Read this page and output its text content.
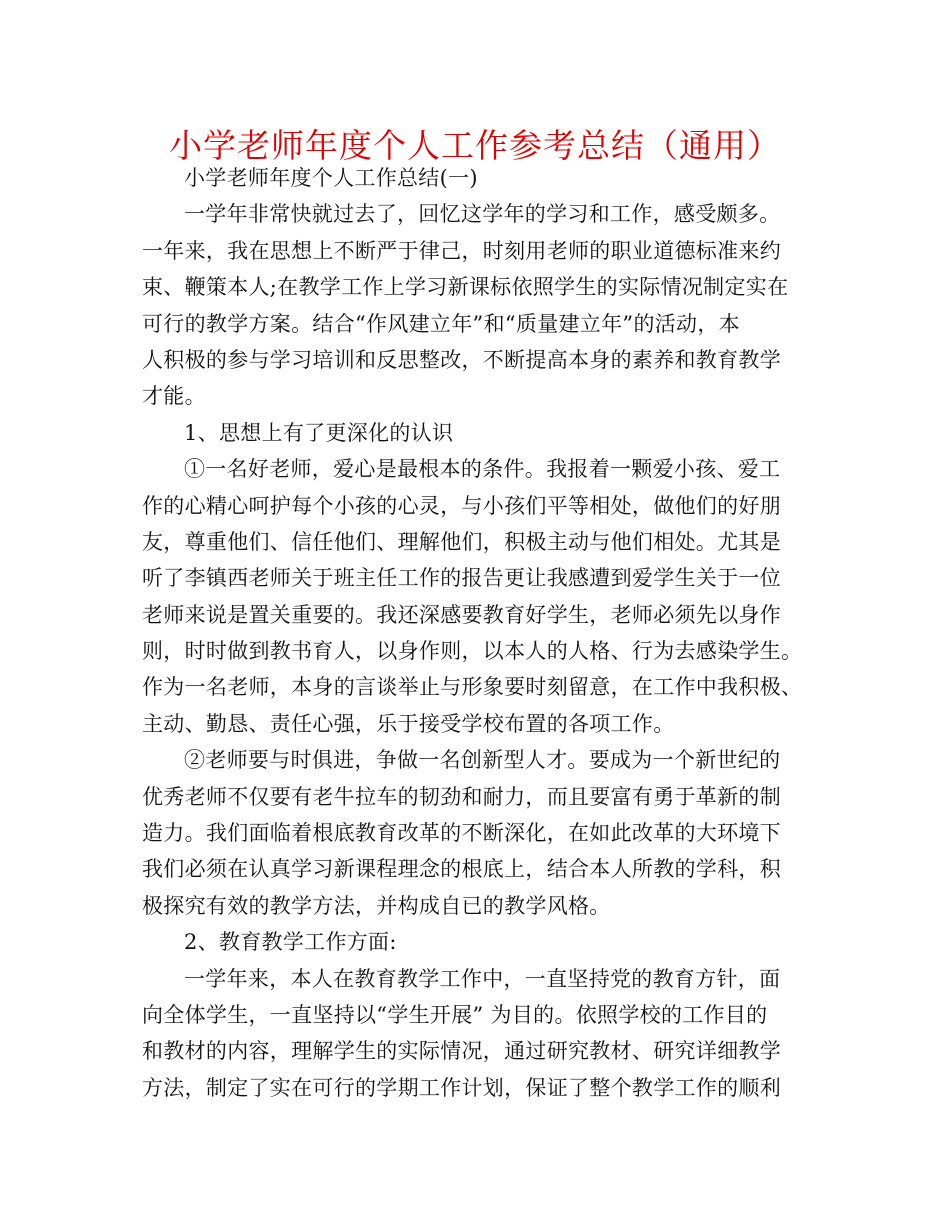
小学老师年度个人工作参考总结（通用）
小学老师年度个人工作总结(一)
一学年非常快就过去了，回忆这学年的学习和工作，感受颇多。
一年来，我在思想上不断严于律己，时刻用老师的职业道德标准来约
束、鞭策本人;在教学工作上学习新课标依照学生的实际情况制定实在
可行的教学方案。结合“作风建立年”和“质量建立年”的活动，本
人积极的参与学习培训和反思整改，不断提高本身的素养和教育教学
才能。
1、思想上有了更深化的认识
①一名好老师，爱心是最根本的条件。我报着一颗爱小孩、爱工
作的心精心呵护每个小孩的心灵，与小孩们平等相处，做他们的好朋
友，尊重他们、信任他们、理解他们，积极主动与他们相处。尤其是
听了李镇西老师关于班主任工作的报告更让我感遭到爱学生关于一位
老师来说是置关重要的。我还深感要教育好学生，老师必须先以身作
则，时时做到教书育人，以身作则，以本人的人格、行为去感染学生。
作为一名老师，本身的言谈举止与形象要时刻留意，在工作中我积极、
主动、勤恳、责任心强，乐于接受学校布置的各项工作。
②老师要与时俱进，争做一名创新型人才。要成为一个新世纪的
优秀老师不仅要有老牛拉车的韧劲和耐力，而且要富有勇于革新的制
造力。我们面临着根底教育改革的不断深化，在如此改革的大环境下
我们必须在认真学习新课程理念的根底上，结合本人所教的学科，积
极探究有效的教学方法，并构成自已的教学风格。
2、教育教学工作方面:
一学年来，本人在教育教学工作中，一直坚持党的教育方针，面
向全体学生，一直坚持以“学生开展” 为目的。依照学校的工作目的
和教材的内容，理解学生的实际情况，通过研究教材、研究详细教学
方法，制定了实在可行的学期工作计划，保证了整个教学工作的顺利
